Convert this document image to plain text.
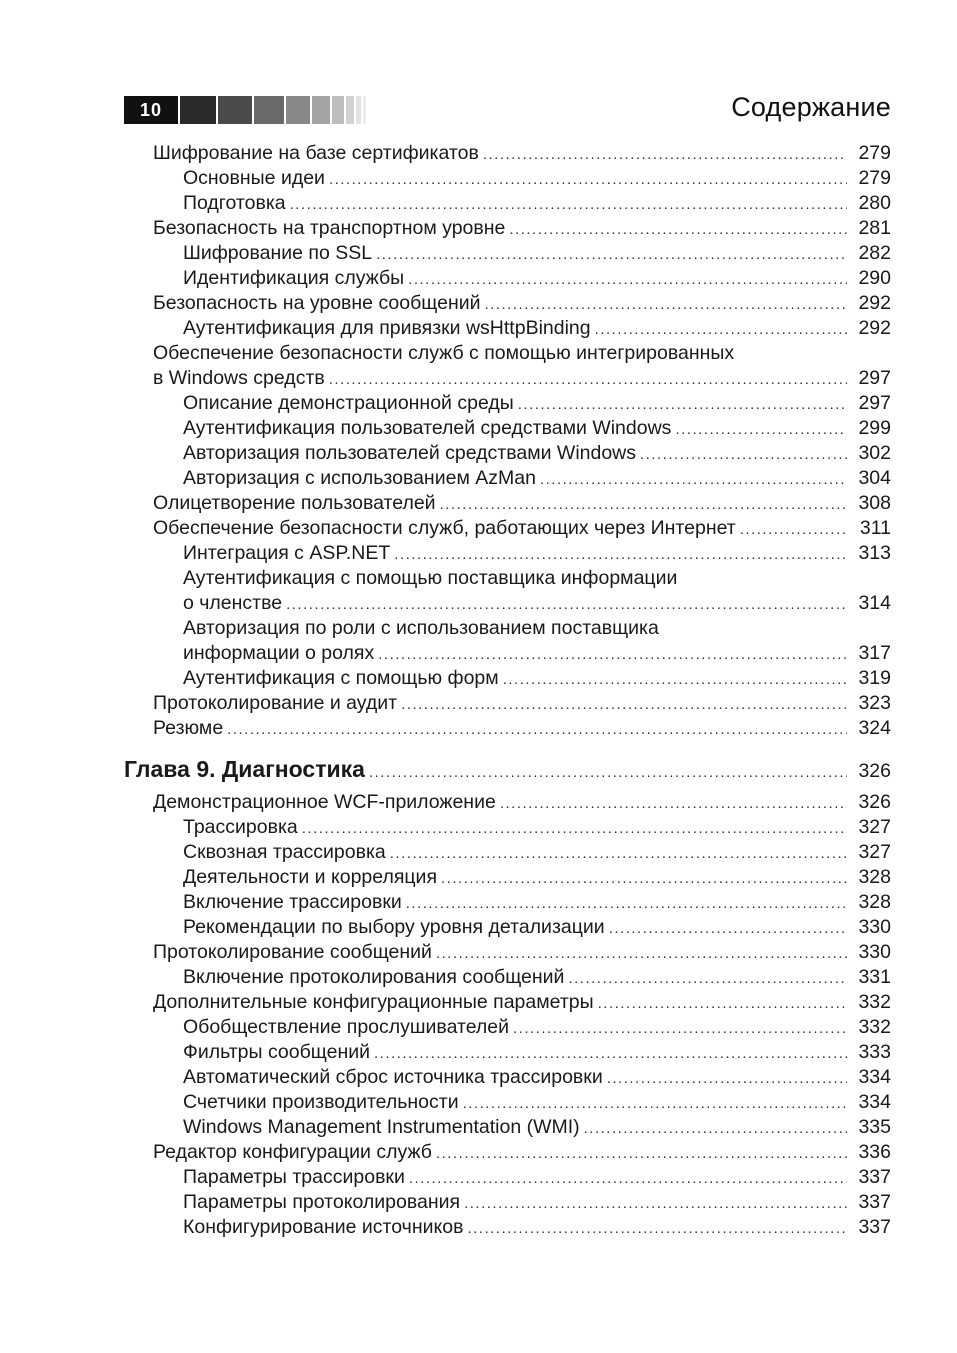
10	Содержание
Шифрование на базе сертификатов .....	279
Основные идеи .....	279
Подготовка .....	280
Безопасность на транспортном уровне .....	281
Шифрование по SSL .....	282
Идентификация службы .....	290
Безопасность на уровне сообщений .....	292
Аутентификация для привязки wsHttpBinding .....	292
Обеспечение безопасности служб с помощью интегрированных
в Windows средств .....	297
Описание демонстрационной среды .....	297
Аутентификация пользователей средствами Windows .....	299
Авторизация пользователей средствами Windows .....	302
Авторизация с использованием AzMan .....	304
Олицетворение пользователей .....	308
Обеспечение безопасности служб, работающих через Интернет .....	311
Интеграция с ASP.NET .....	313
Аутентификация с помощью поставщика информации
о членстве .....	314
Авторизация по роли с использованием поставщика
информации о ролях .....	317
Аутентификация с помощью форм .....	319
Протоколирование и аудит .....	323
Резюме .....	324
Глава 9. Диагностика .....	326
Демонстрационное WCF-приложение .....	326
Трассировка .....	327
Сквозная трассировка .....	327
Деятельности и корреляция .....	328
Включение трассировки .....	328
Рекомендации по выбору уровня детализации .....	330
Протоколирование сообщений .....	330
Включение протоколирования сообщений .....	331
Дополнительные конфигурационные параметры .....	332
Обобществление прослушивателей .....	332
Фильтры сообщений .....	333
Автоматический сброс источника трассировки .....	334
Счетчики производительности .....	334
Windows Management Instrumentation (WMI) .....	335
Редактор конфигурации служб .....	336
Параметры трассировки .....	337
Параметры протоколирования .....	337
Конфигурирование источников .....	337
